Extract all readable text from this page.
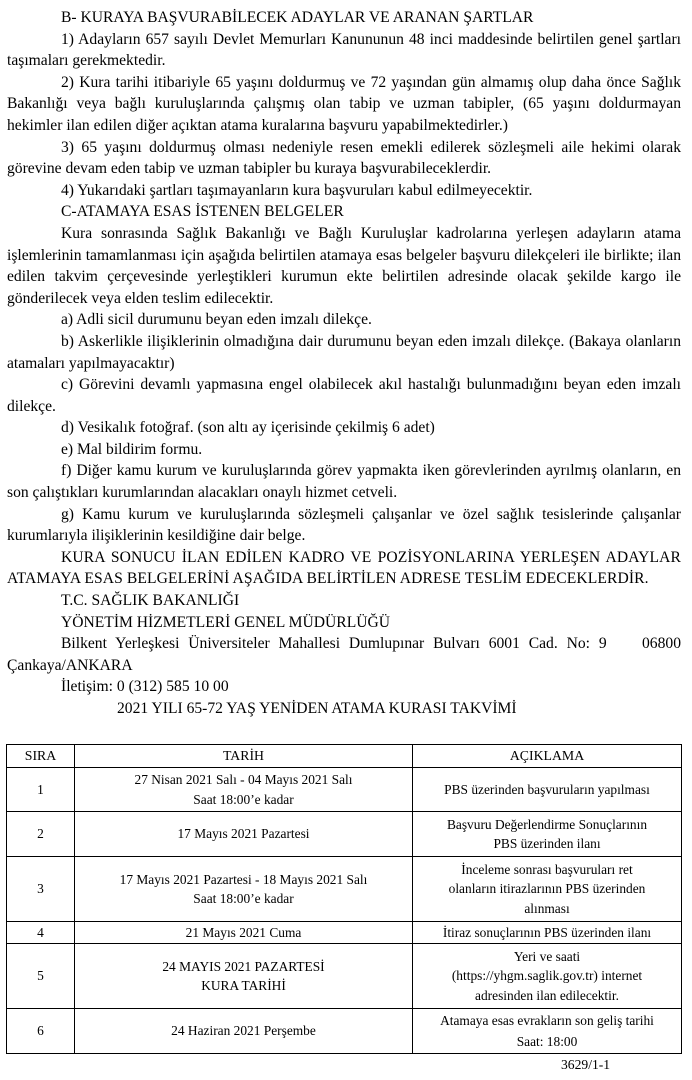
B- KURAYA BAŞVURABİLECEK ADAYLAR VE ARANAN ŞARTLAR

1) Adayların 657 sayılı Devlet Memurları Kanununun 48 inci maddesinde belirtilen genel şartları taşımaları gerekmektedir.

2) Kura tarihi itibariyle 65 yaşını doldurmuş ve 72 yaşından gün almamış olup daha önce Sağlık Bakanlığı veya bağlı kuruluşlarında çalışmış olan tabip ve uzman tabipler, (65 yaşını doldurmayan hekimler ilan edilen diğer açıktan atama kuralarına başvuru yapabilmektedirler.)

3) 65 yaşını doldurmuş olması nedeniyle resen emekli edilerek sözleşmeli aile hekimi olarak görevine devam eden tabip ve uzman tabipler bu kuraya başvurabileceklerdir.

4) Yukarıdaki şartları taşımayanların kura başvuruları kabul edilmeyecektir.

C-ATAMAYA ESAS İSTENEN BELGELER

Kura sonrasında Sağlık Bakanlığı ve Bağlı Kuruluşlar kadrolarına yerleşen adayların atama işlemlerinin tamamlanması için aşağıda belirtilen atamaya esas belgeler başvuru dilekçeleri ile birlikte; ilan edilen takvim çerçevesinde yerleştikleri kurumun ekte belirtilen adresinde olacak şekilde kargo ile gönderilecek veya elden teslim edilecektir.

a) Adli sicil durumunu beyan eden imzalı dilekçe.

b) Askerlikle ilişiklerinin olmadığına dair durumunu beyan eden imzalı dilekçe. (Bakaya olanların atamaları yapılmayacaktır)

c) Görevini devamlı yapmasına engel olabilecek akıl hastalığı bulunmadığını beyan eden imzalı dilekçe.

d) Vesikalık fotoğraf. (son altı ay içerisinde çekilmiş 6 adet)

e) Mal bildirim formu.

f) Diğer kamu kurum ve kuruluşlarında görev yapmakta iken görevlerinden ayrılmış olanların, en son çalıştıkları kurumlarından alacakları onaylı hizmet cetveli.

g) Kamu kurum ve kuruluşlarında sözleşmeli çalışanlar ve özel sağlık tesislerinde çalışanlar kurumlarıyla ilişiklerinin kesildiğine dair belge.

KURA SONUCU İLAN EDİLEN KADRO VE POZİSYONLARINA YERLEŞEN ADAYLAR ATAMAYA ESAS BELGELERİNİ AŞAĞIDA BELİRTİLEN ADRESE TESLİM EDECEKLERDİR.

T.C. SAĞLIK BAKANLIĞI

YÖNETİM HİZMETLERİ GENEL MÜDÜRLÜĞÜ

Bilkent Yerleşkesi Üniversiteler Mahallesi Dumlupınar Bulvarı 6001 Cad. No: 9    06800 Çankaya/ANKARA

İletişim: 0 (312) 585 10 00

2021 YILI 65-72 YAŞ YENİDEN ATAMA KURASI TAKVİMİ

SIRA	TARİH	AÇIKLAMA
1	27 Nisan 2021 Salı - 04 Mayıs 2021 Salı
Saat 18:00’e kadar	PBS üzerinden başvuruların yapılması

2	17 Mayıs 2021 Pazartesi	Başvuru Değerlendirme Sonuçlarının
PBS üzerinden ilanı

3	17 Mayıs 2021 Pazartesi - 18 Mayıs 2021 Salı
Saat 18:00’e kadar	İnceleme sonrası başvuruları ret
olanların itirazlarının PBS üzerinden
alınması

4	21 Mayıs 2021 Cuma	İtiraz sonuçlarının PBS üzerinden ilanı

5	24 MAYIS 2021 PAZARTESİ
KURA TARİHİ	Yeri ve saati
(https://yhgm.saglik.gov.tr) internet
adresinden ilan edilecektir.

6	24 Haziran 2021 Perşembe	Atamaya esas evrakların son geliş tarihi
Saat: 18:00
3629/1-1
